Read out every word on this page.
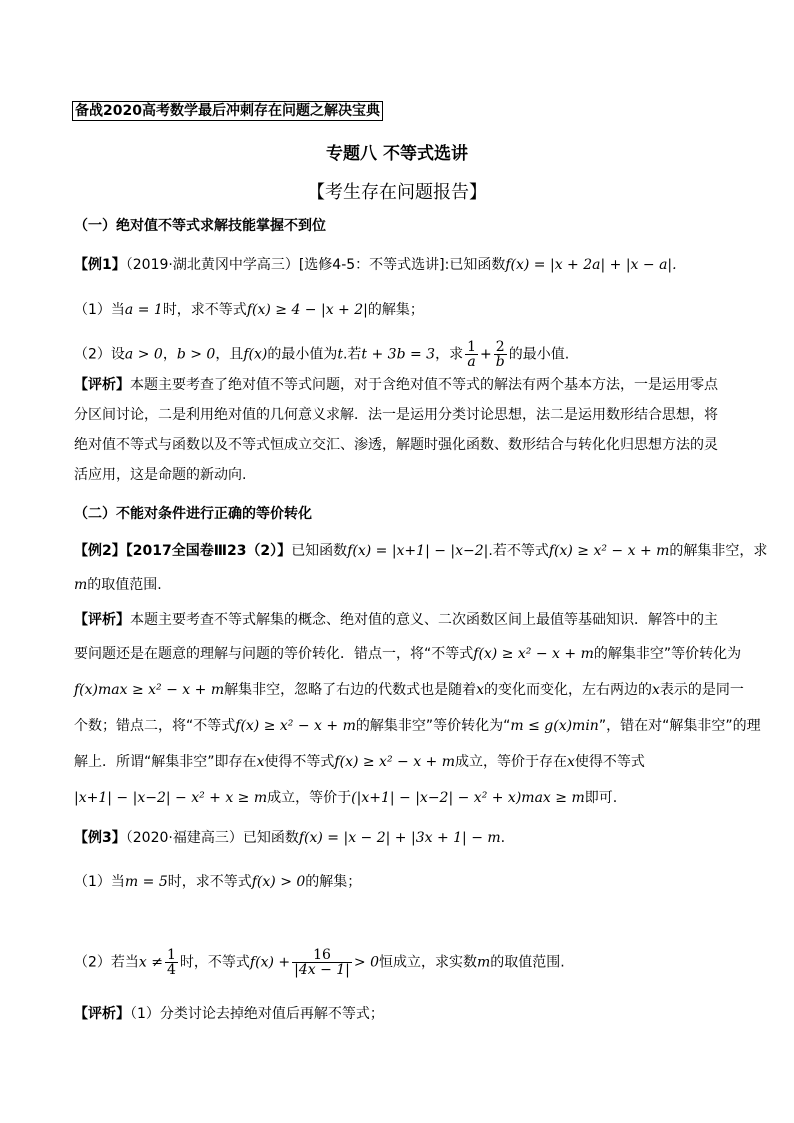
备战2020高考数学最后冲刺存在问题之解决宝典
专题八 不等式选讲
【考生存在问题报告】
（一）绝对值不等式求解技能掌握不到位
【例1】（2019·湖北黄冈中学高三）[选修4-5：不等式选讲]:已知函数f(x) = |x + 2a| + |x − a|.
（1）当a = 1时，求不等式f(x) ≥ 4 − |x + 2|的解集；
（2）设a > 0，b > 0，且f(x)的最小值为t.若t + 3b = 3，求 $\frac{1}{a} + \frac{2}{b}$ 的最小值.
【评析】本题主要考查了绝对值不等式问题，对于含绝对值不等式的解法有两个基本方法，一是运用零点分区间讨论，二是利用绝对值的几何意义求解．法一是运用分类讨论思想，法二是运用数形结合思想，将绝对值不等式与函数以及不等式恒成立交汇、渗透，解题时强化函数、数形结合与转化化归思想方法的灵活应用，这是命题的新动向.
（二）不能对条件进行正确的等价转化
【例2】【2017全国卷Ⅲ23（2）】已知函数f(x) = |x+1| − |x−2|.若不等式f(x) ≥ x² − x + m的解集非空，求
m的取值范围.
【评析】本题主要考查不等式解集的概念、绝对值的意义、二次函数区间上最值等基础知识．解答中的主
要问题还是在题意的理解与问题的等价转化．错点一，将“不等式f(x) ≥ x² − x + m的解集非空”等价转化为
f(x)max ≥ x² − x + m解集非空，忽略了右边的代数式也是随着x的变化而变化，左右两边的x表示的是同一
个数；错点二，将“不等式f(x) ≥ x² − x + m的解集非空”等价转化为“m ≤ g(x)min”，错在对“解集非空”的理
解上．所谓“解集非空”即存在x使得不等式f(x) ≥ x² − x + m成立，等价于存在x使得不等式
|x+1| − |x−2| − x² + x ≥ m成立，等价于(|x+1| − |x−2| − x² + x)max ≥ m即可.
【例3】（2020·福建高三）已知函数f(x) = |x − 2| + |3x + 1| − m.
（1）当m = 5时，求不等式f(x) > 0的解集；
（2）若当$x \ne \frac{1}{4}$ 时，不等式$f(x) + \frac{16}{|4x - 1|} > 0$恒成立，求实数m的取值范围.
【评析】（1）分类讨论去掉绝对值后再解不等式；
